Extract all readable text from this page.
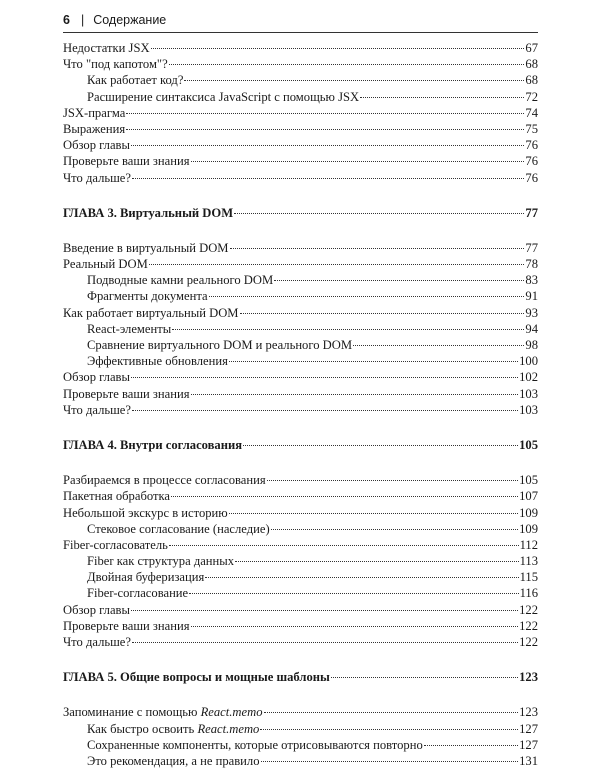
6 | Содержание
Недостатки JSX	67
Что "под капотом"?	68
Как работает код?	68
Расширение синтаксиса JavaScript с помощью JSX	72
JSX-прагма	74
Выражения	75
Обзор главы	76
Проверьте ваши знания	76
Что дальше?	76
ГЛАВА 3. Виртуальный DOM	77
Введение в виртуальный DOM	77
Реальный DOM	78
Подводные камни реального DOM	83
Фрагменты документа	91
Как работает виртуальный DOM	93
React-элементы	94
Сравнение виртуального DOM и реального DOM	98
Эффективные обновления	100
Обзор главы	102
Проверьте ваши знания	103
Что дальше?	103
ГЛАВА 4. Внутри согласования	105
Разбираемся в процессе согласования	105
Пакетная обработка	107
Небольшой экскурс в историю	109
Стековое согласование (наследие)	109
Fiber-согласователь	112
Fiber как структура данных	113
Двойная буферизация	115
Fiber-согласование	116
Обзор главы	122
Проверьте ваши знания	122
Что дальше?	122
ГЛАВА 5. Общие вопросы и мощные шаблоны	123
Запоминание с помощью React.memo	123
Как быстро освоить React.memo	127
Сохраненные компоненты, которые отрисовываются повторно	127
Это рекомендация, а не правило	131
